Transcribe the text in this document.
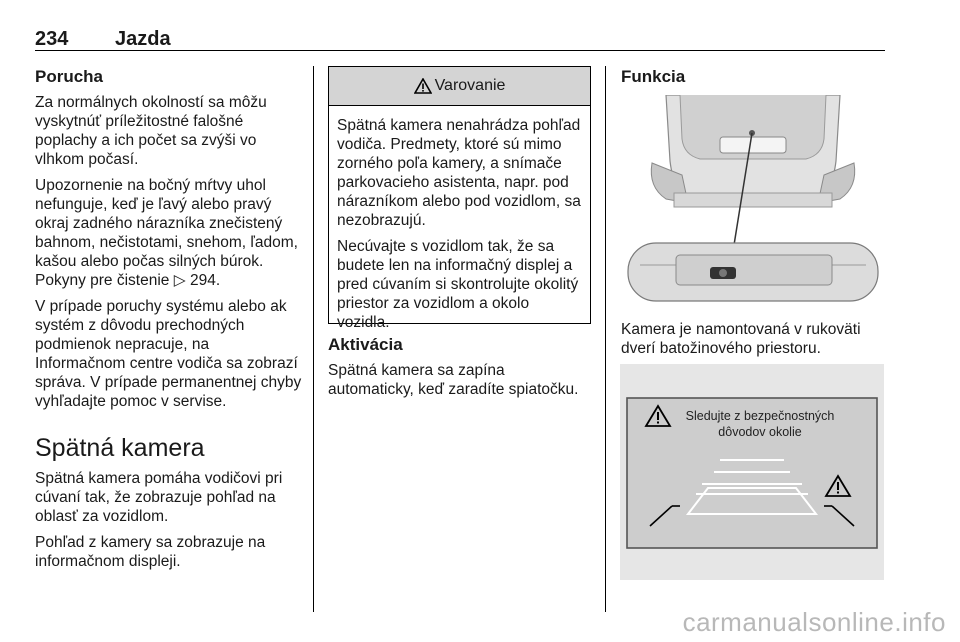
234 Jazda
Porucha

Za normálnych okolností sa môžu vyskytnúť príležitostné falošné poplachy a ich počet sa zvýši vo vlhkom počasí.

Upozornenie na bočný mŕtvy uhol nefunguje, keď je ľavý alebo pravý okraj zadného nárazníka znečistený bahnom, nečistotami, snehom, ľadom, kašou alebo počas silných búrok. Pokyny pre čistenie ▷ 294.

V prípade poruchy systému alebo ak systém z dôvodu prechodných podmienok nepracuje, na Informačnom centre vodiča sa zobrazí správa. V prípade permanentnej chyby vyhľadajte pomoc v servise.

Spätná kamera

Spätná kamera pomáha vodičovi pri cúvaní tak, že zobrazuje pohľad na oblasť za vozidlom.

Pohľad z kamery sa zobrazuje na informačnom displeji.

Varovanie

Spätná kamera nenahrádza pohľad vodiča. Predmety, ktoré sú mimo zorného poľa kamery, a snímače parkovacieho asistenta, napr. pod nárazníkom alebo pod vozidlom, sa nezobrazujú.

Necúvajte s vozidlom tak, že sa budete len na informačný displej a pred cúvaním si skontrolujte okolitý priestor za vozidlom a okolo vozidla.

Aktivácia

Spätná kamera sa zapína automaticky, keď zaradíte spiatočku.

Funkcia

Kamera je namontovaná v rukoväti dverí batožinového priestoru.

Sledujte z bezpečnostných
dôvodov okolie
carmanualsonline.info
